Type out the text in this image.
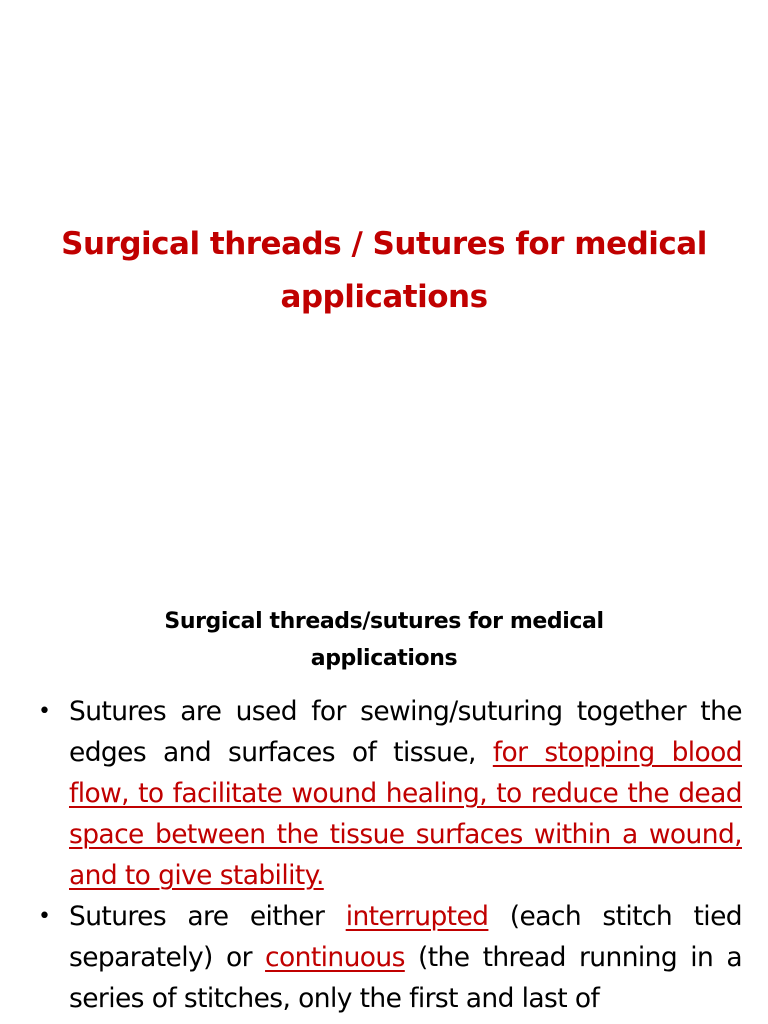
Surgical threads / Sutures for medical applications
Surgical threads/sutures for medical applications
• Sutures are used for sewing/suturing together the edges and surfaces of tissue, for stopping blood flow, to facilitate wound healing, to reduce the dead space between the tissue surfaces within a wound, and to give stability.
• Sutures are either interrupted (each stitch tied separately) or continuous (the thread running in a series of stitches, only the first and last of
